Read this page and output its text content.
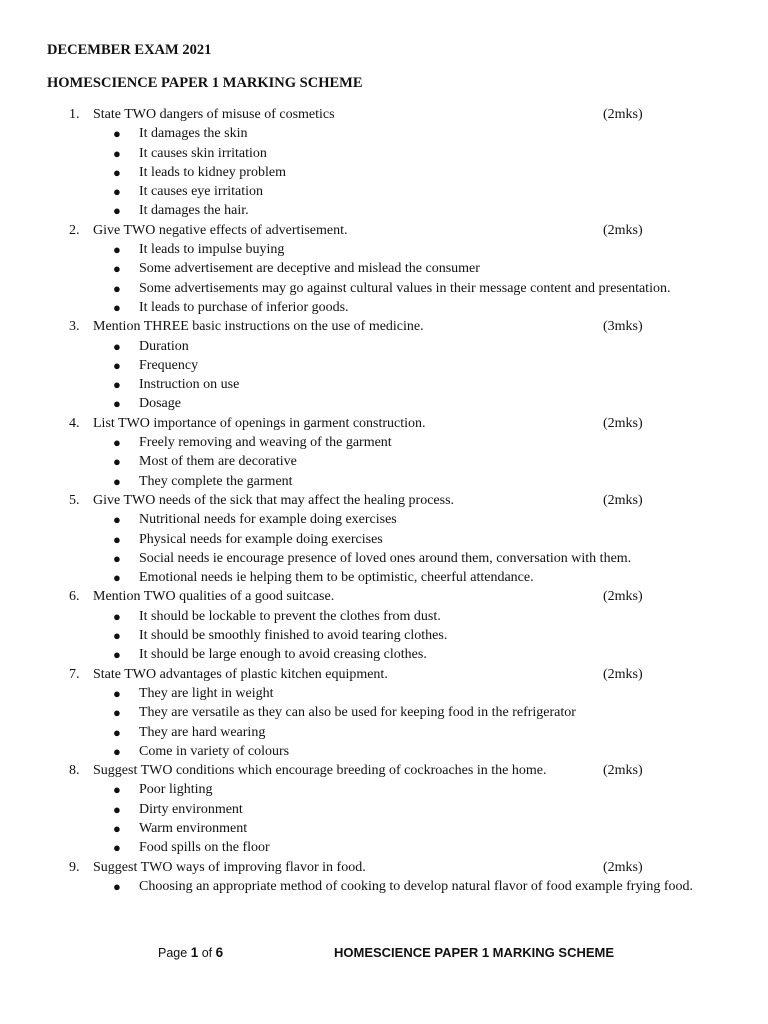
DECEMBER EXAM 2021
HOMESCIENCE PAPER 1 MARKING SCHEME
1. State TWO dangers of misuse of cosmetics	(2mks)
● It damages the skin
● It causes skin irritation
● It leads to kidney problem
● It causes eye irritation
● It damages the hair.
2. Give TWO negative effects of advertisement.	(2mks)
● It leads to impulse buying
● Some advertisement are deceptive and mislead the consumer
● Some advertisements may go against cultural values in their message content and presentation.
● It leads to purchase of inferior goods.
3. Mention THREE basic instructions on the use of medicine.	(3mks)
● Duration
● Frequency
● Instruction on use
● Dosage
4. List TWO importance of openings in garment construction.	(2mks)
● Freely removing and weaving of the garment
● Most of them are decorative
● They complete the garment
5. Give TWO needs of the sick that may affect the healing process.	(2mks)
● Nutritional needs for example doing exercises
● Physical needs for example doing exercises
● Social needs ie encourage presence of loved ones around them, conversation with them.
● Emotional needs ie helping them to be optimistic, cheerful attendance.
6. Mention TWO qualities of a good suitcase.	(2mks)
● It should be lockable to prevent the clothes from dust.
● It should be smoothly finished to avoid tearing clothes.
● It should be large enough to avoid creasing clothes.
7. State TWO advantages of plastic kitchen equipment.	(2mks)
● They are light in weight
● They are versatile as they can also be used for keeping food in the refrigerator
● They are hard wearing
● Come in variety of colours
8. Suggest TWO conditions which encourage breeding of cockroaches in the home.	(2mks)
● Poor lighting
● Dirty environment
● Warm environment
● Food spills on the floor
9. Suggest TWO ways of improving flavor in food.	(2mks)
● Choosing an appropriate method of cooking to develop natural flavor of food example frying food.
Page 1 of 6	HOMESCIENCE PAPER 1 MARKING SCHEME
